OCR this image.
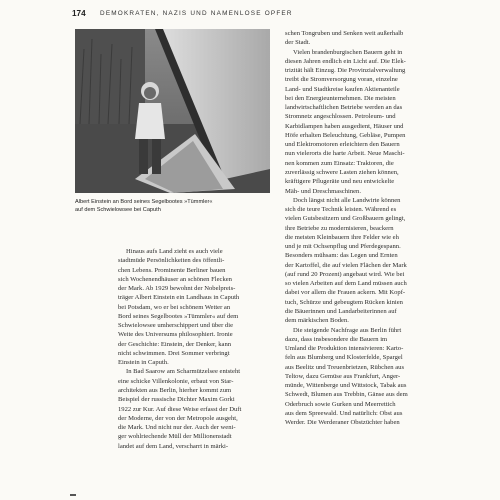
174 DEMOKRATEN, NAZIS UND NAMENLOSE OPFER
Albert Einstein an Bord seines Segelbootes »Tümmler«
auf dem Schwielowsee bei Caputh
Hinaus aufs Land zieht es auch viele
stadtmüde Persönlichkeiten des öffentli-
chen Lebens. Prominente Berliner bauen
sich Wochenendhäuser an schönen Flecken
der Mark. Ab 1929 bewohnt der Nobelpreis-
träger Albert Einstein ein Landhaus in Caputh
bei Potsdam, wo er bei schönem Wetter an
Bord seines Segelbootes »Tümmler« auf dem
Schwielowsee umherschippert und über die
Weite des Universums philosophiert. Ironie
der Geschichte: Einstein, der Denker, kann
nicht schwimmen. Drei Sommer verbringt
Einstein in Caputh.
In Bad Saarow am Scharmützelsee entsteht
eine schicke Villenkolonie, erbaut von Star-
architekten aus Berlin, hierher kommt zum
Beispiel der russische Dichter Maxim Gorki
1922 zur Kur. Auf diese Weise erfasst der Duft
der Moderne, der von der Metropole ausgeht,
die Mark. Und nicht nur der. Auch der weni-
ger wohlriechende Müll der Millionenstadt
landet auf dem Land, verscharrt in märki-
schen Tongruben und Senken weit außerhalb
der Stadt.
Vielen brandenburgischen Bauern geht in
diesen Jahren endlich ein Licht auf. Die Elek-
trizität hält Einzug. Die Provinzialverwaltung
treibt die Stromversorgung voran, einzelne
Land- und Stadtkreise kaufen Aktienanteile
bei den Energieunternehmen. Die meisten
landwirtschaftlichen Betriebe werden an das
Stromnetz angeschlossen. Petroleum- und
Karbidlampen haben ausgedient, Häuser und
Höfe erhalten Beleuchtung, Gebläse, Pumpen
und Elektromotoren erleichtern den Bauern
nun vielerorts die harte Arbeit. Neue Maschi-
nen kommen zum Einsatz: Traktoren, die
zuverlässig schwere Lasten ziehen können,
kräftigere Pflugeräte und neu entwickelte
Mäh- und Dreschmaschinen.
Doch längst nicht alle Landwirte können
sich die teure Technik leisten. Während es
vielen Gutsbesitzern und Großbauern gelingt,
ihre Betriebe zu modernisieren, beackern
die meisten Kleinbauern ihre Felder wie eh
und je mit Ochsenpflug und Pferdegespann.
Besonders mühsam: das Legen und Ernten
der Kartoffel, die auf vielen Flächen der Mark
(auf rund 20 Prozent) angebaut wird. Wie bei
so vielen Arbeiten auf dem Land müssen auch
dabei vor allem die Frauen ackern. Mit Kopf-
tuch, Schürze und gebeugtem Rücken kinien
die Bäuerinnen und Landarbeiterinnen auf
dem märkischen Boden.
Die steigende Nachfrage aus Berlin führt
dazu, dass insbesondere die Bauern im
Umland die Produktion intensivieren: Karto-
feln aus Blumberg und Klosterfelde, Spargel
aus Beelitz und Treuenbrietzen, Rübchen aus
Teltow, dazu Gemüse aus Frankfurt, Anger-
münde, Wittenberge und Wittstock, Tabak aus
Schwedt, Blumen aus Trebbin, Gänse aus dem
Oderbruch sowie Gurken und Meerrettich
aus dem Spreewald. Und natürlich: Obst aus
Werder. Die Werderaner Obstzüchter haben
